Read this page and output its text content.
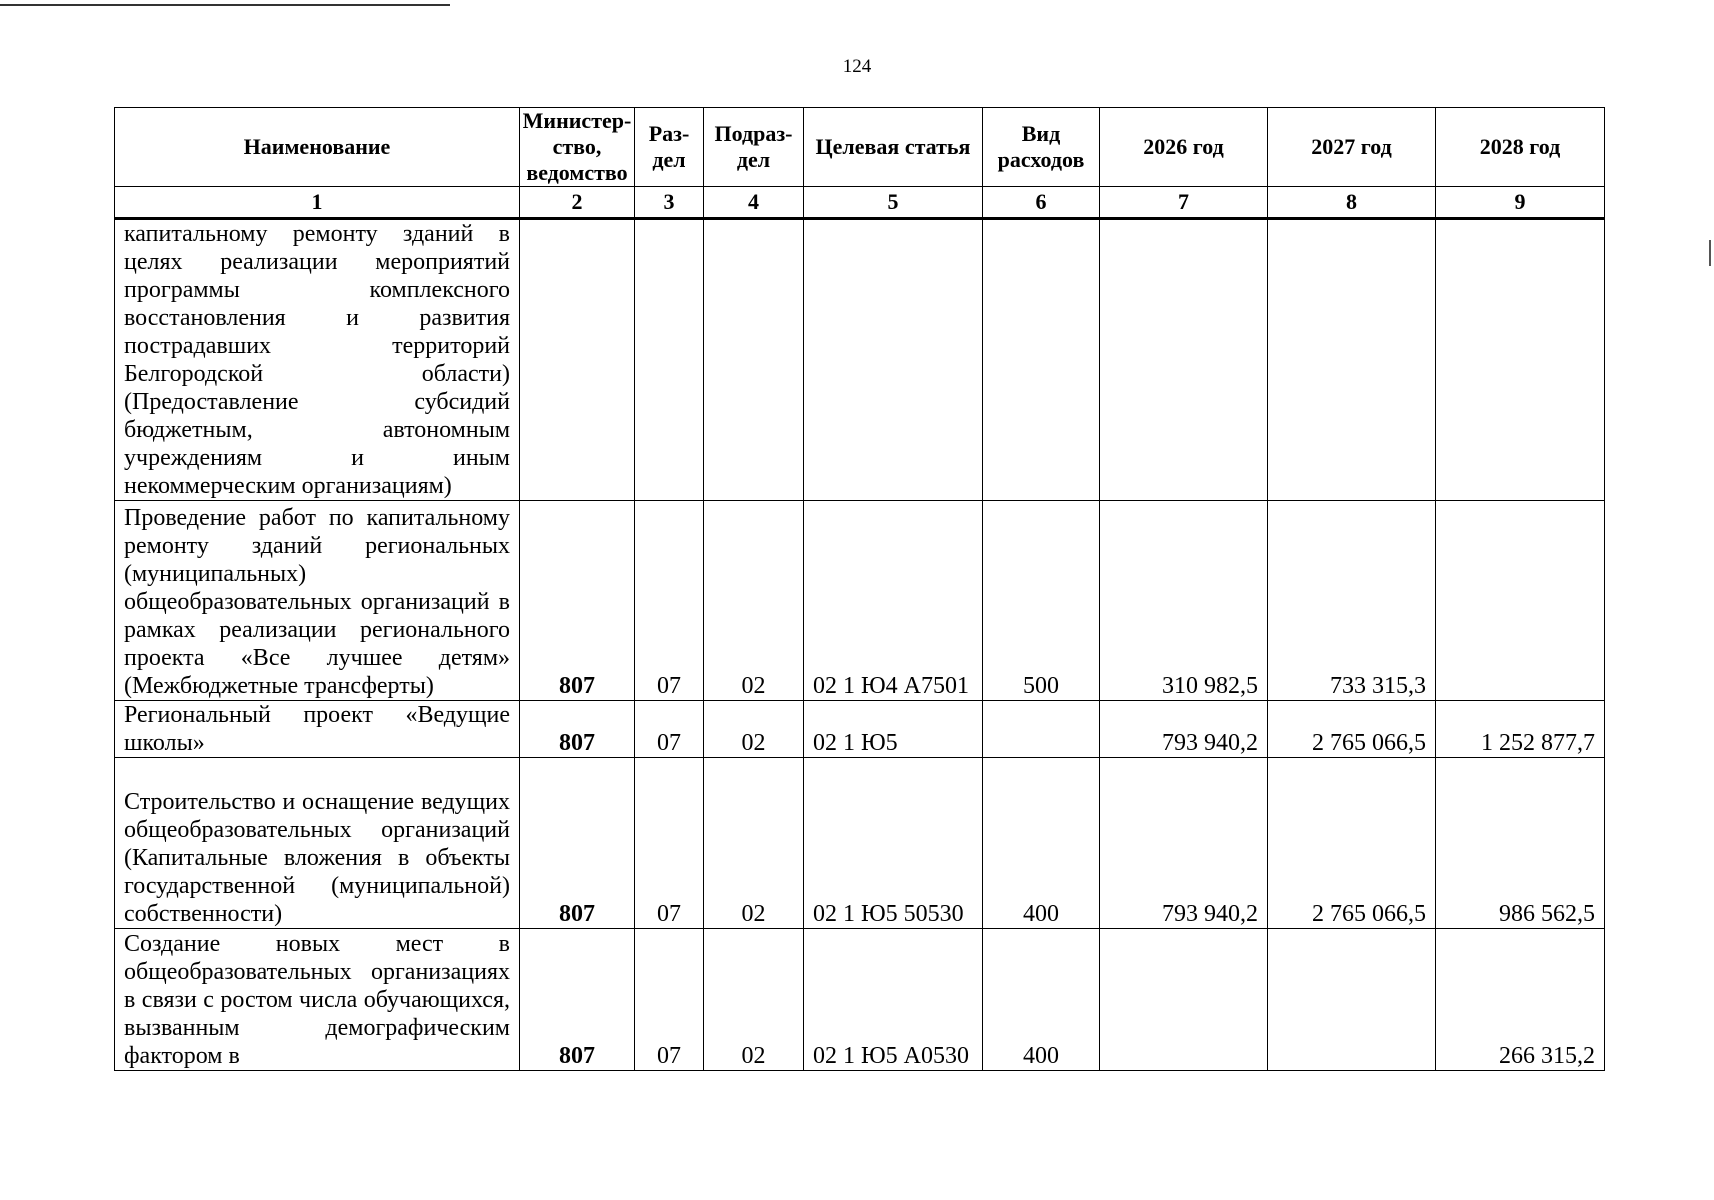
124
Наименование	Министер-ство, ведомство	Раз-дел	Подраз-дел	Целевая статья	Вид расходов	2026 год	2027 год	2028 год
1	2	3	4	5	6	7	8	9
капитальному ремонту зданий в целях реализации мероприятий программы комплексного восстановления и развития пострадавших территорий Белгородской области) (Предоставление субсидий бюджетным, автономным учреждениям и иным некоммерческим организациям)								
Проведение работ по капитальному ремонту зданий региональных (муниципальных) общеобразовательных организаций в рамках реализации регионального проекта «Все лучшее детям» (Межбюджетные трансферты)	807	07	02	02 1 Ю4 А7501	500	310 982,5	733 315,3	
Региональный проект «Ведущие школы»	807	07	02	02 1 Ю5		793 940,2	2 765 066,5	1 252 877,7
Строительство и оснащение ведущих общеобразовательных организаций (Капитальные вложения в объекты государственной (муниципальной) собственности)	807	07	02	02 1 Ю5 50530	400	793 940,2	2 765 066,5	986 562,5
Создание новых мест в общеобразовательных организациях в связи с ростом числа обучающихся, вызванным демографическим фактором в	807	07	02	02 1 Ю5 А0530	400			266 315,2
